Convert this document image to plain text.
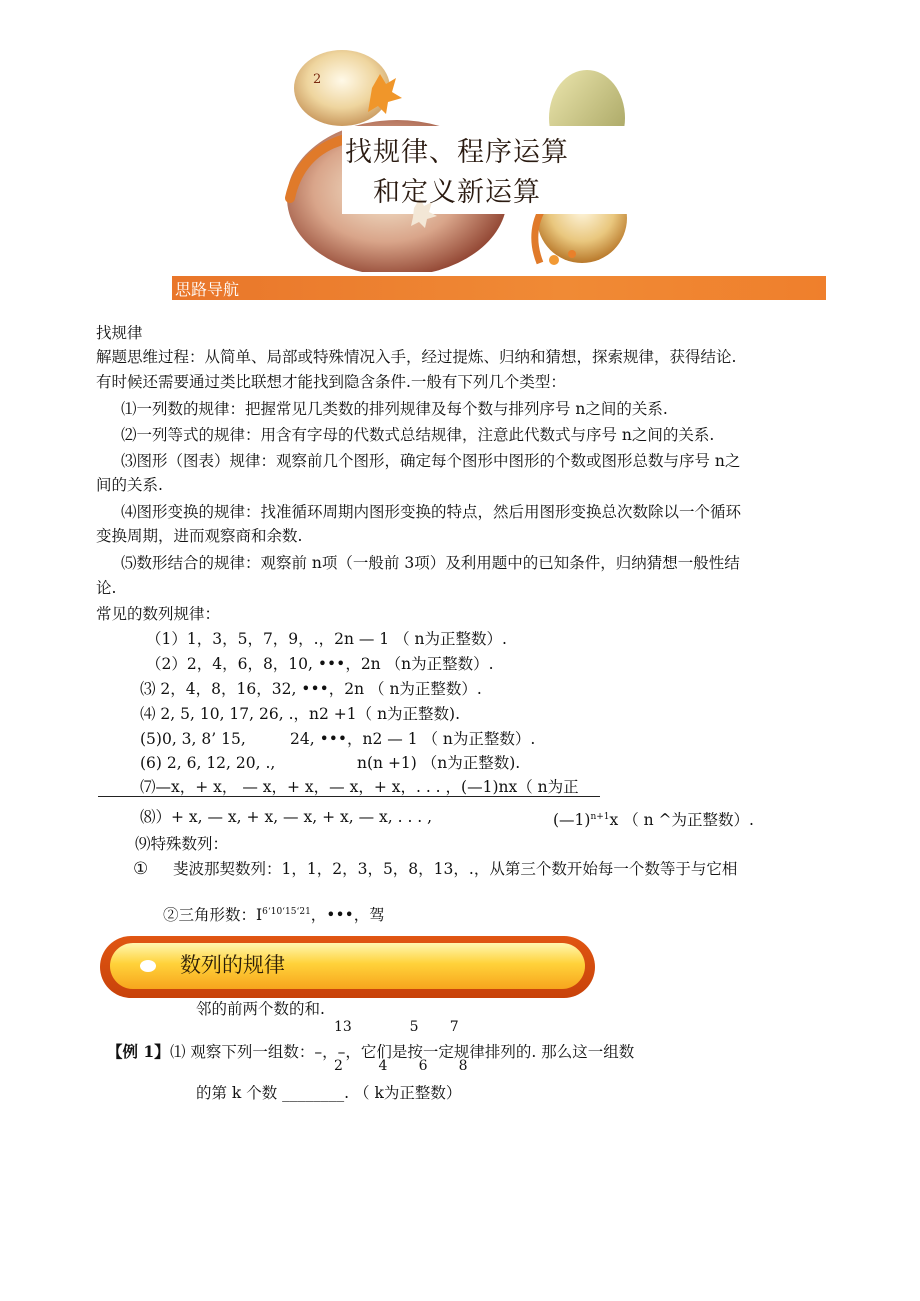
2
找规律、程序运算
和定义新运算
思路导航
找规律
解题思维过程：从简单、局部或特殊情况入手，经过提炼、归纳和猜想，探索规律，获得结论.
有时候还需要通过类比联想才能找到隐含条件.一般有下列几个类型：
⑴一列数的规律：把握常见几类数的排列规律及每个数与排列序号 n之间的关系.
⑵一列等式的规律：用含有字母的代数式总结规律，注意此代数式与序号 n之间的关系.
⑶图形（图表）规律：观察前几个图形，确定每个图形中图形的个数或图形总数与序号 n之
间的关系.
⑷图形变换的规律：找准循环周期内图形变换的特点，然后用图形变换总次数除以一个循环
变换周期，进而观察商和余数.
⑸数形结合的规律：观察前 n项（一般前 3项）及利用题中的已知条件，归纳猜想一般性结
论.
常见的数列规律：
（1）1，3，5，7，9，.，2n — 1 （ n为正整数）.
（2）2，4，6，8，10, •••，2n （n为正整数）.
⑶ 2，4，8，16，32, •••，2n （ n为正整数）.
⑷ 2, 5, 10, 17, 26, .，n2 +1（ n为正整数).
(5)0, 3, 8’ 15,	24, •••，n2 — 1 （ n为正整数）.
(6) 2, 6, 12, 20, .,	n(n +1) （n为正整数).
⑺—x，+ x， — x，+ x，— x，+ x，. . . ，(—1)nx（ n为正
⑻）+ x, — x, + x, — x, + x, — x, . . . ,	(—1)$^{n+1}$x （ n ^为正整数）.
⑼特殊数列：
① 斐波那契数列：1，1，2，3，5，8，13，.，从第三个数开始每一个数等于与它相
②三角形数：$I^{6‘10‘15‘21}$，•••，驾
数列的规律
邻的前两个数的和.
13             5       7
【例 1】 ⑴ 观察下列一组数：–，–，它们是按一定规律排列的. 那么这一组数
2        4       6       8
的第 k 个数 ________. （ k为正整数）
